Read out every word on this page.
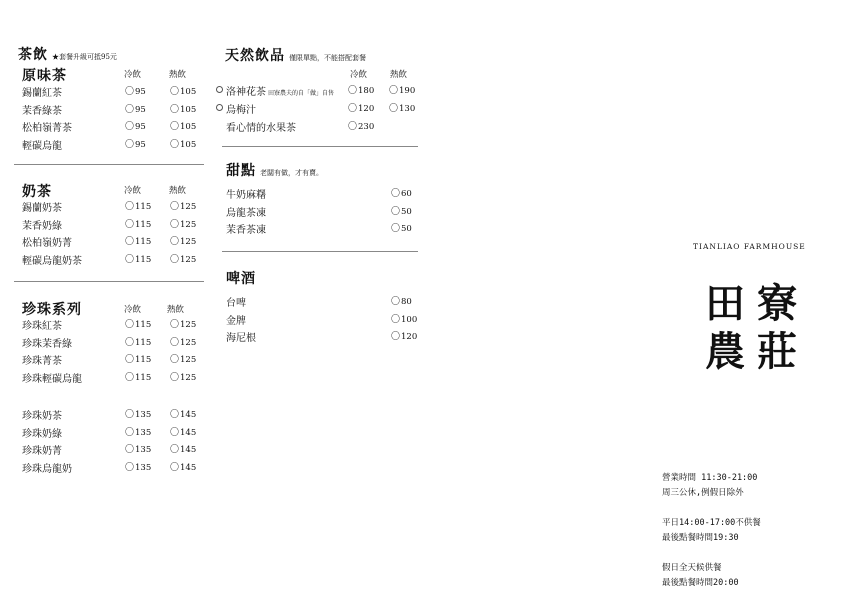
茶飲 ★套餐升級可抵95元
原味茶	冷飲	熱飲
錫蘭紅茶	〇95	〇105
茉香綠茶	〇95	〇105
松柏嶺菁茶	〇95	〇105
輕碳烏龍	〇95	〇105
奶茶	冷飲	熱飲
錫蘭奶茶	〇115 〇125
茉香奶綠	〇115 〇125
松柏嶺奶菁	〇115 〇125
輕碳烏龍奶茶	〇115 〇125
珍珠系列	冷飲	熱飲
珍珠紅茶	〇115 〇125
珍珠茉香綠	〇115 〇125
珍珠菁茶	〇115 〇125
珍珠輕碳烏龍	〇115 〇125
珍珠奶茶	〇135 〇145
珍珠奶綠	〇135 〇145
珍珠奶菁	〇135 〇145
珍珠烏龍奶	〇135 〇145
天然飲品 僅限單點，不能搭配套餐
冷飲	熱飲
洛神花茶 田寮農夫的自「做」自售 〇180 〇190
烏梅汁	〇120 〇130
看心情的水果茶	〇230
甜點 老闆有做，才有賣。
牛奶麻糬	〇60
烏龍茶凍	〇50
茉香茶凍	〇50
啤酒
台啤	〇80
金牌	〇100
海尼根	〇120
TIANLIAO FARMHOUSE
田寮
農莊
營業時間 11:30-21:00
周三公休,例假日除外
平日14:00-17:00不供餐
最後點餐時間19:30
假日全天候供餐
最後點餐時間20:00
